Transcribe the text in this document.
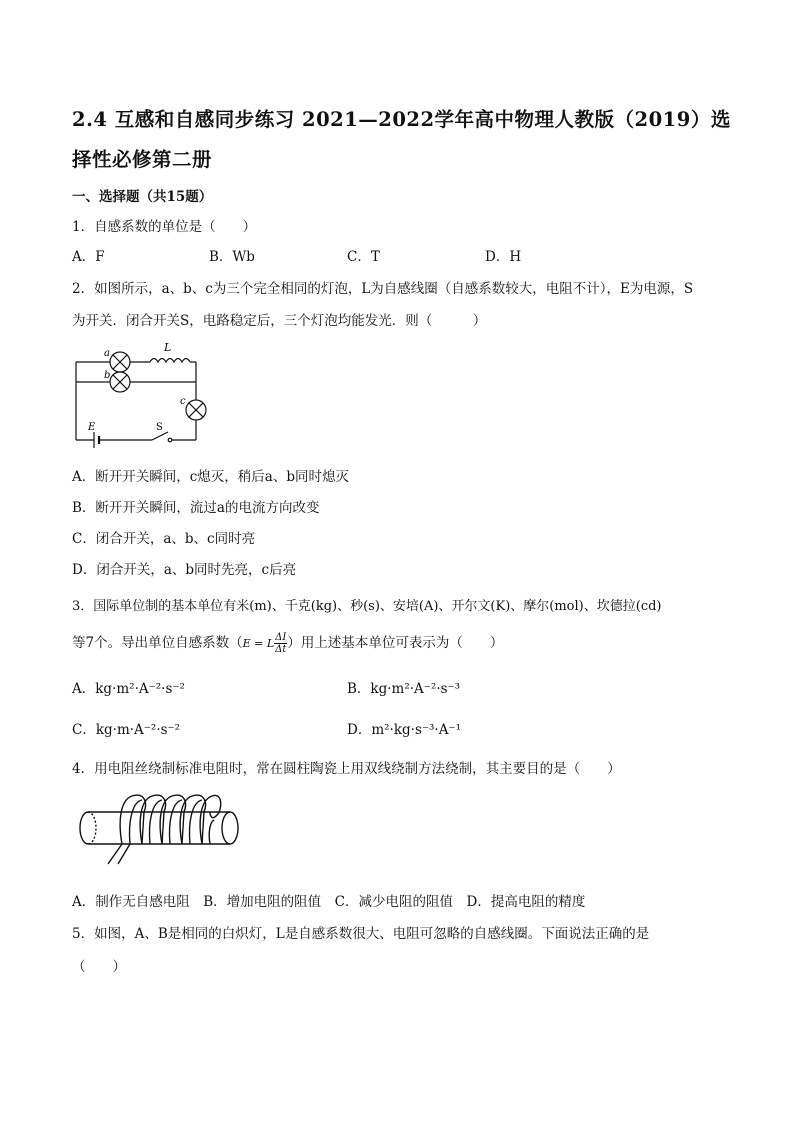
2.4 互感和自感同步练习 2021—2022学年高中物理人教版（2019）选择性必修第二册
一、选择题（共15题）
1．自感系数的单位是（　　）
A．F	B．Wb	C．T	D．H
2．如图所示，a、b、c为三个完全相同的灯泡，L为自感线圈（自感系数较大，电阻不计），E为电源，S
为开关．闭合开关S，电路稳定后，三个灯泡均能发光．则（　　　）
a
b
c
L
E	S
A．断开开关瞬间，c熄灭，稍后a、b同时熄灭
B．断开开关瞬间，流过a的电流方向改变
C．闭合开关，a、b、c同时亮
D．闭合开关，a、b同时先亮，c后亮
3．国际单位制的基本单位有米(m)、千克(kg)、秒(s)、安培(A)、开尔文(K)、摩尔(mol)、坎德拉(cd)
等7个。导出单位自感系数（E = L $\frac{\Delta I}{\Delta t}$ ）用上述基本单位可表示为（　　）
A．kg·m²·A⁻²·s⁻²	B．kg·m²·A⁻²·s⁻³
C．kg·m·A⁻²·s⁻²	D．m²·kg·s⁻³·A⁻¹
4．用电阻丝绕制标准电阻时，常在圆柱陶瓷上用双线绕制方法绕制，其主要目的是（　　）
A．制作无自感电阻　B．增加电阻的阻值　C．减少电阻的阻值　D．提高电阻的精度
5．如图，A、B是相同的白炽灯，L是自感系数很大、电阻可忽略的自感线圈。下面说法正确的是
（　　）
